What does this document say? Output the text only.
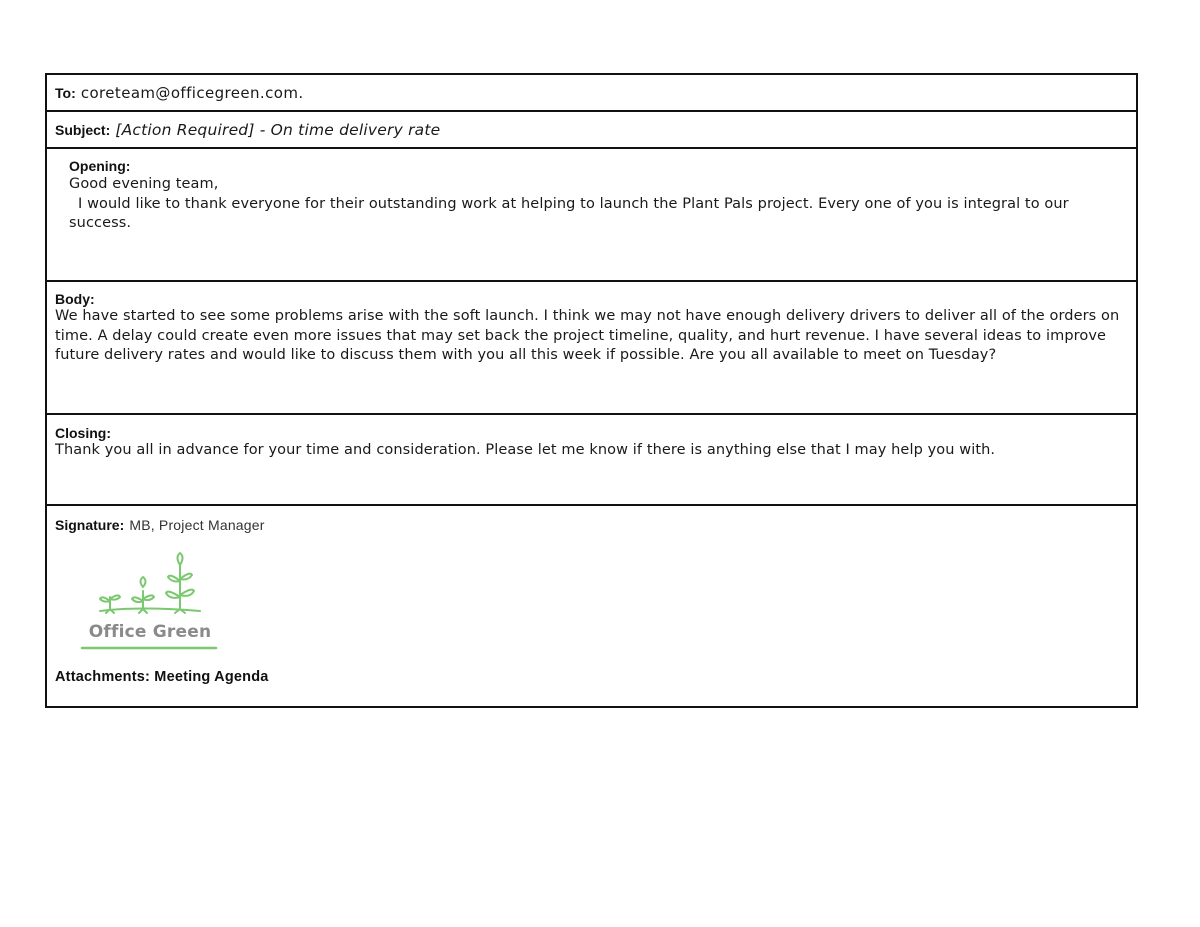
To: coreteam@officegreen.com.
Subject: [Action Required] - On time delivery rate
Opening:
Good evening team,
I would like to thank everyone for their outstanding work at helping to launch the Plant Pals project. Every one of you is integral to our success.
Body:
We have started to see some problems arise with the soft launch. I think we may not have enough delivery drivers to deliver all of the orders on time. A delay could create even more issues that may set back the project timeline, quality, and hurt revenue. I have several ideas to improve future delivery rates and would like to discuss them with you all this week if possible. Are you all available to meet on Tuesday?
Closing:
Thank you all in advance for your time and consideration. Please let me know if there is anything else that I may help you with.
Signature: MB, Project Manager
Office Green
Attachments: Meeting Agenda
